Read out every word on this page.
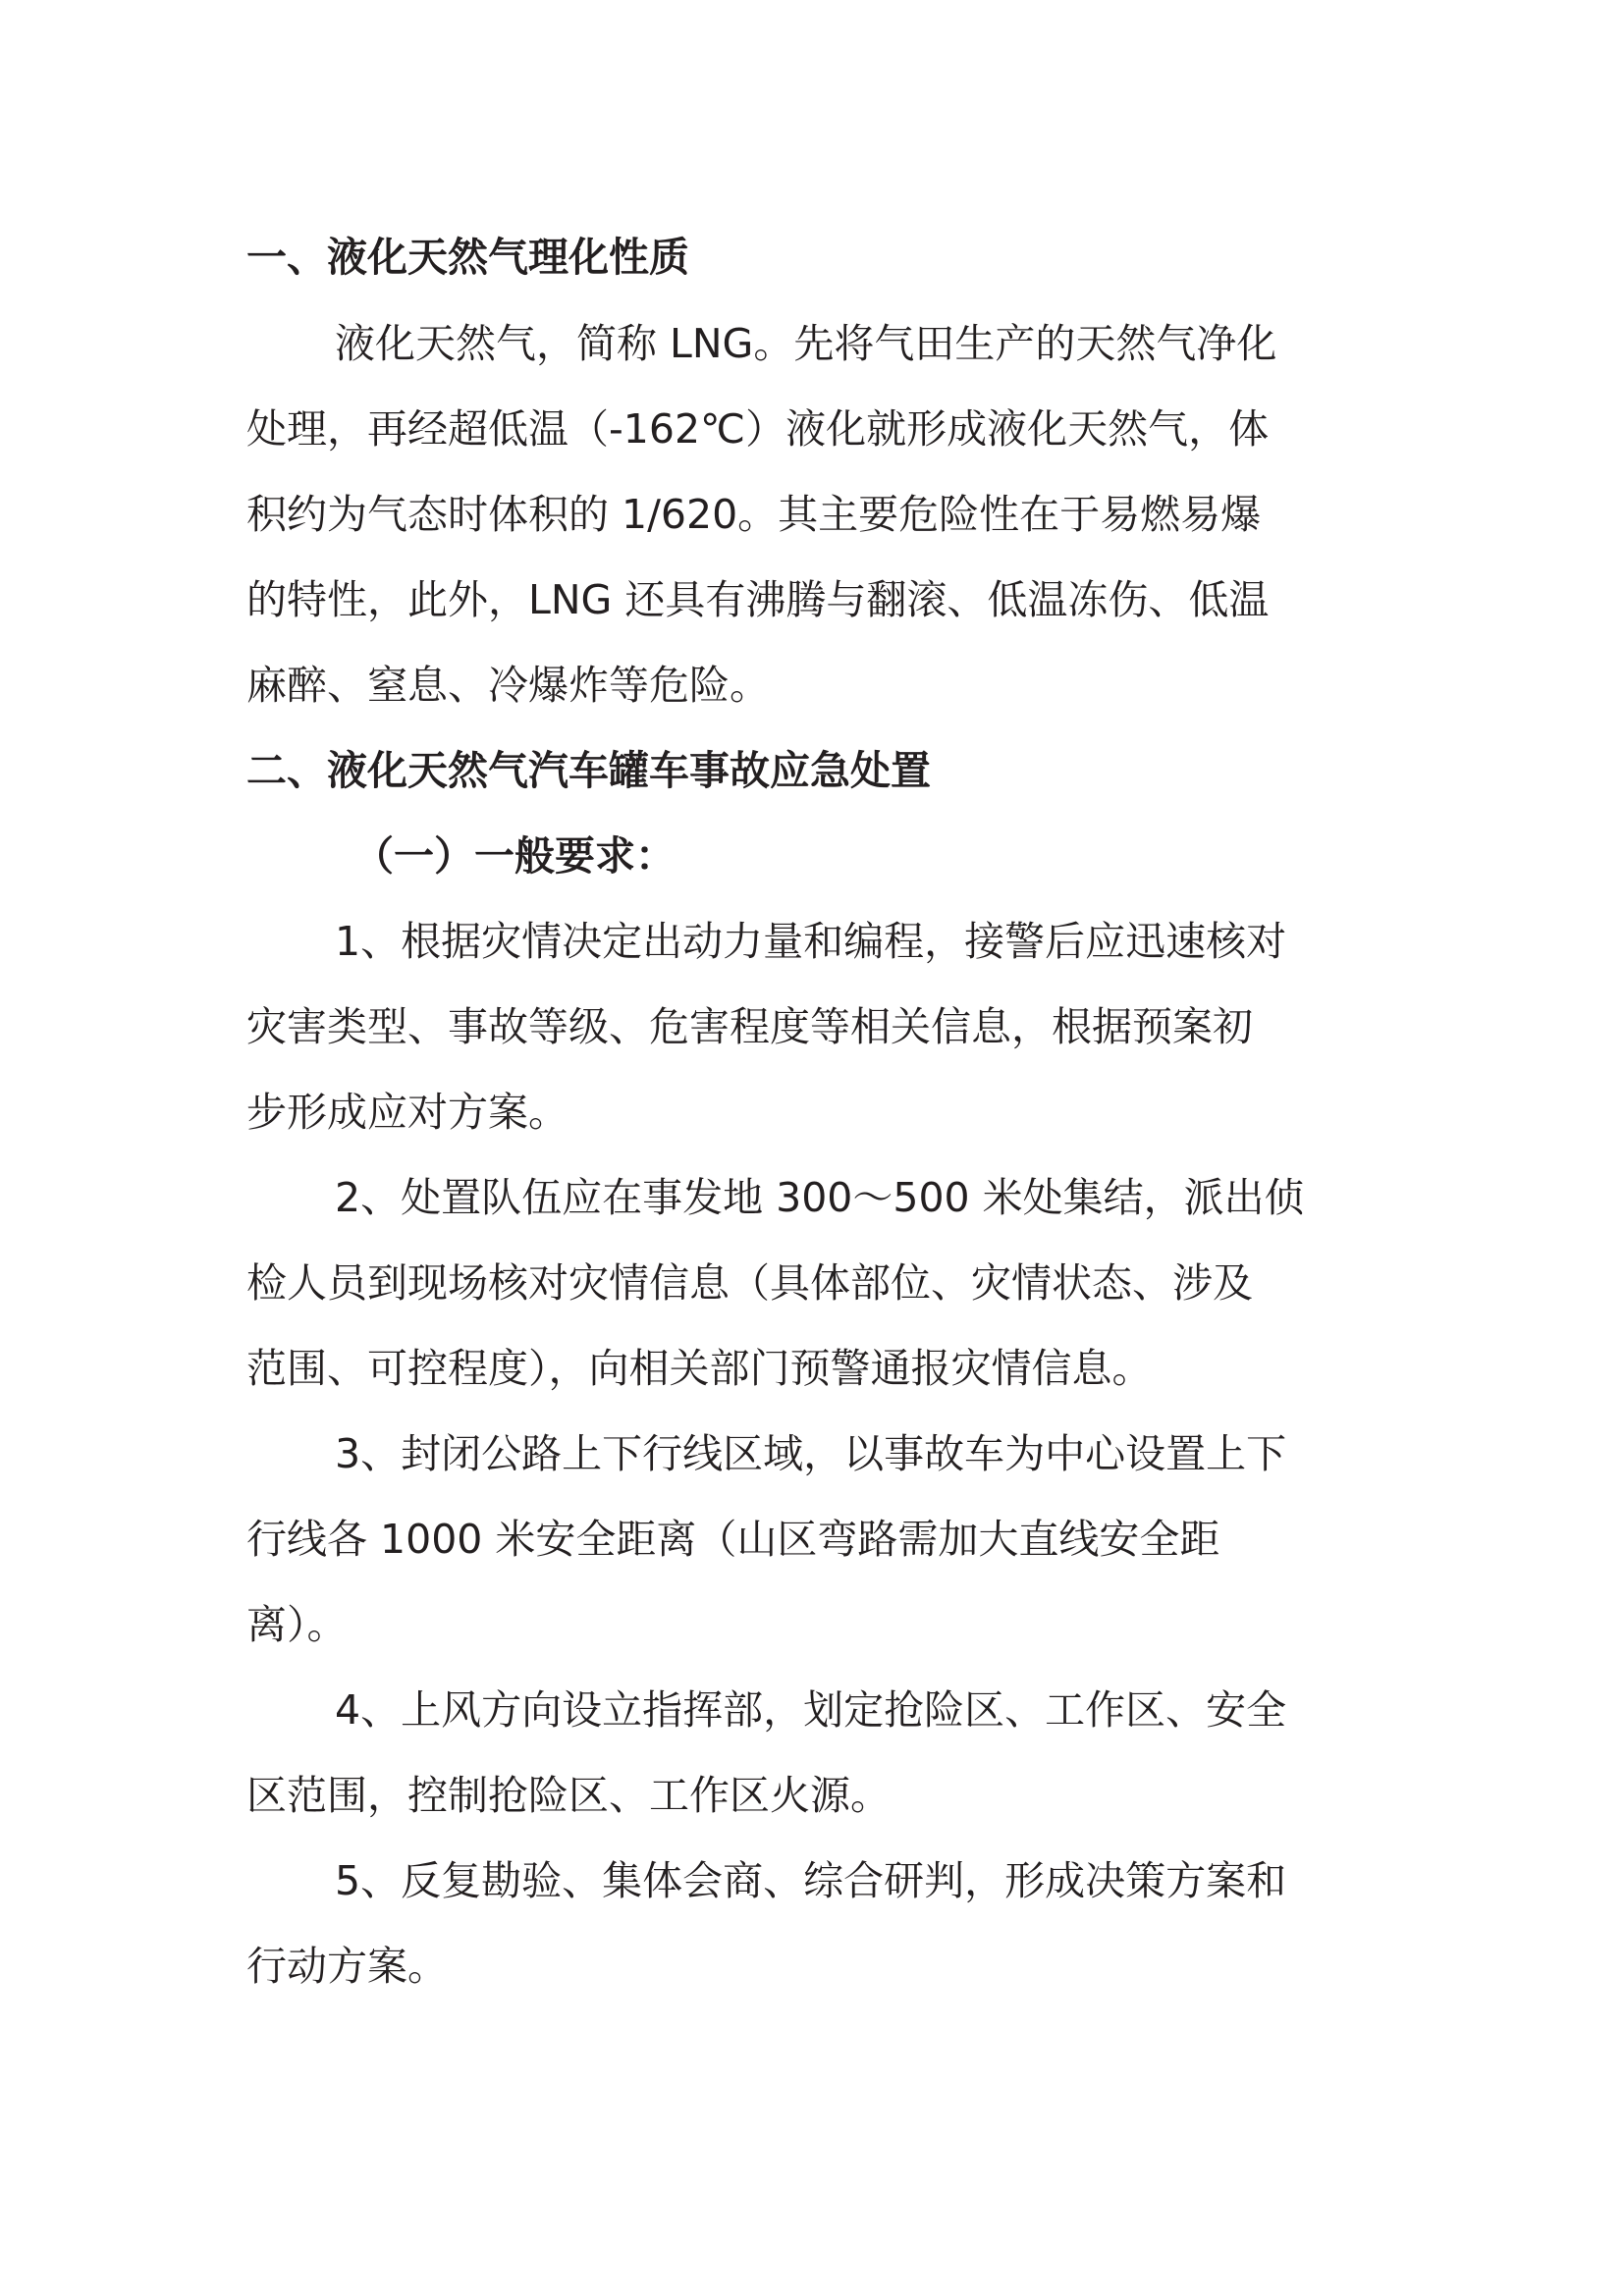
一、液化天然气理化性质
液化天然气，简称 LNG。先将气田生产的天然气净化
处理，再经超低温（-162℃）液化就形成液化天然气，体
积约为气态时体积的 1/620。其主要危险性在于易燃易爆
的特性，此外，LNG 还具有沸腾与翻滚、低温冻伤、低温
麻醉、窒息、冷爆炸等危险。
二、液化天然气汽车罐车事故应急处置
（一）一般要求：
1、根据灾情决定出动力量和编程，接警后应迅速核对
灾害类型、事故等级、危害程度等相关信息，根据预案初
步形成应对方案。
2、处置队伍应在事发地 300～500 米处集结，派出侦
检人员到现场核对灾情信息（具体部位、灾情状态、涉及
范围、可控程度），向相关部门预警通报灾情信息。
3、封闭公路上下行线区域，以事故车为中心设置上下
行线各 1000 米安全距离（山区弯路需加大直线安全距
离）。
4、上风方向设立指挥部，划定抢险区、工作区、安全
区范围，控制抢险区、工作区火源。
5、反复勘验、集体会商、综合研判，形成决策方案和
行动方案。
